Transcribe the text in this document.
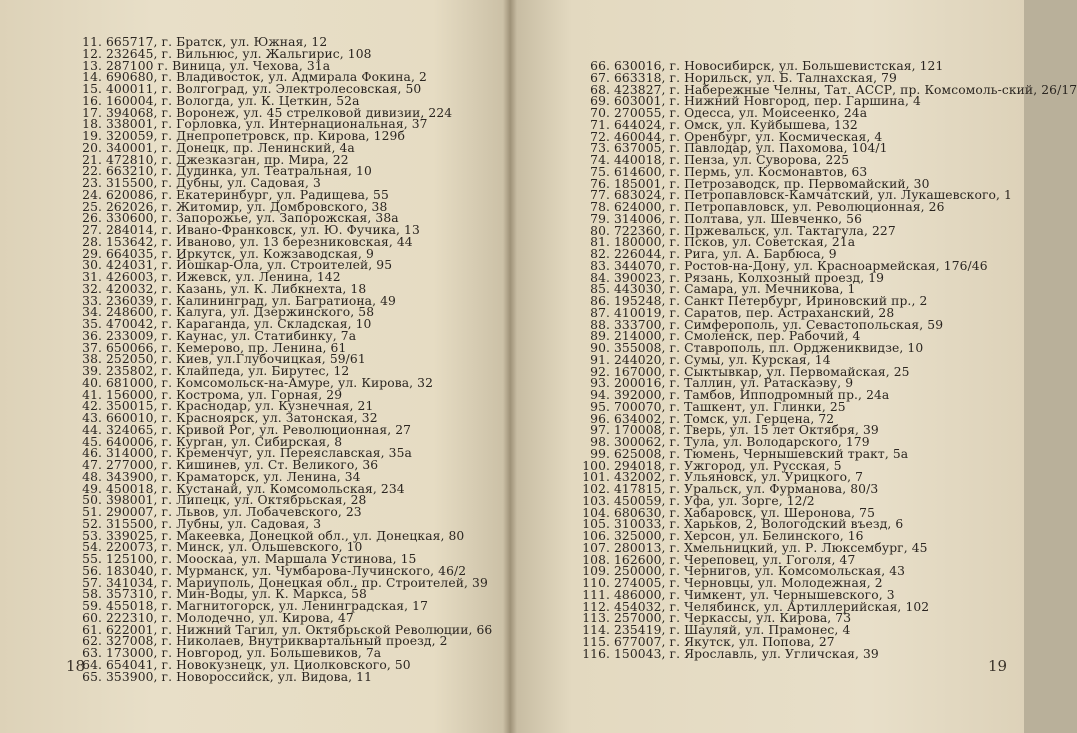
11. 665717, г. Братск, ул. Южная, 12
12. 232645, г. Вильнюс, ул. Жальгирис, 108
13. 287100 г. Виница, ул. Чехова, 31а
14. 690680, г. Владивосток, ул. Адмирала Фокина, 2
15. 400011, г. Волгоград, ул. Электролесовская, 50
16. 160004, г. Вологда, ул. К. Цеткин, 52а
17. 394068, г. Воронеж, ул. 45 стрелковой дивизии, 224
18. 338001, г. Горловка, ул. Интернациональная, 37
19. 320059, г. Днепропетровск, пр. Кирова, 129б
20. 340001, г. Донецк, пр. Ленинский, 4а
21. 472810, г. Джезказган, пр. Мира, 22
22. 663210, г. Дудинка, ул. Театральная, 10
23. 315500, г. Дубны, ул. Садовая, 3
24. 620086, г. Екатеринбург, ул. Радищева, 55
25. 262026, г. Житомир, ул. Домбровского, 38
26. 330600, г. Запорожье, ул. Запорожская, 38а
27. 284014, г. Ивано-Франковск, ул. Ю. Фучика, 13
28. 153642, г. Иваново, ул. 13 березниковская, 44
29. 664035, г. Иркутск, ул. Кожзаводская, 9
30. 424031, г. Йошкар-Ола, ул. Строителей, 95
31. 426003, г. Ижевск, ул. Ленина, 142
32. 420032, г. Казань, ул. К. Либкнехта, 18
33. 236039, г. Калининград, ул. Багратиона, 49
34. 248600, г. Калуга, ул. Дзержинского, 58
35. 470042, г. Караганда, ул. Складская, 10
36. 233009, г. Каунас, ул. Статибинку, 7а
37. 650066, г. Кемерово, пр. Ленина, 61
38. 252050, г. Киев, ул.Глубочицкая, 59/61
39. 235802, г. Клайпеда, ул. Бирутес, 12
40. 681000, г. Комсомольск-на-Амуре, ул. Кирова, 32
41. 156000, г. Кострома, ул. Горная, 29
42. 350015, г. Краснодар, ул. Кузнечная, 21
43. 660010, г. Красноярск, ул. Затонская, 32
44. 324065, г. Кривой Рог, ул. Революционная, 27
45. 640006, г. Курган, ул. Сибирская, 8
46. 314000, г. Кременчуг, ул. Переяславская, 35а
47. 277000, г. Кишинев, ул. Ст. Великого, 36
48. 343900, г. Краматорск, ул. Ленина, 34
49. 450018, г. Кустанай, ул. Комсомольская, 234
50. 398001, г. Липецк, ул. Октябрьская, 28
51. 290007, г. Львов, ул. Лобачевского, 23
52. 315500, г. Лубны, ул. Садовая, 3
53. 339025, г. Макеевка, Донецкой обл., ул. Донецкая, 80
54. 220073, г. Минск, ул. Ольшевского, 10
55. 125100, г. Мооскаа, ул. Маршала Устинова, 15
56. 183040, г. Мурманск, ул. Чумбарова-Лучинского, 46/2
57. 341034, г. Мариуполь, Донецкая обл., пр. Строителей, 39
58. 357310, г. Мин-Воды, ул. К. Маркса, 58
59. 455018, г. Магнитогорск, ул. Ленинградская, 17
60. 222310, г. Молодечно, ул. Кирова, 47
61. 622001, г. Нижний Тагил, ул. Октябрьской Революции, 66
62. 327008, г. Николаев, Внутриквартальный проезд, 2
63. 173000, г. Новгород, ул. Большевиков, 7а
64. 654041, г. Новокузнецк, ул. Циолковского, 50
65. 353900, г. Новороссийск, ул. Видова, 11
18
66. 630016, г. Новосибирск, ул. Большевистская, 121
67. 663318, г. Норильск, ул. Б. Талнахская, 79
68. 423827, г. Набережные Челны, Тат. АССР, пр. Комсомоль-ский, 26/17
69. 603001, г. Нижний Новгород, пер. Гаршина, 4
70. 270055, г. Одесса, ул. Моисеенко, 24а
71. 644024, г. Омск, ул. Куйбышева, 132
72. 460044, г. Оренбург, ул. Космическая, 4
73. 637005, г. Павлодар, ул. Пахомова, 104/1
74. 440018, г. Пенза, ул. Суворова, 225
75. 614600, г. Пермь, ул. Космонавтов, 63
76. 185001, г. Петрозаводск, пр. Первомайский, 30
77. 683024, г. Петропавловск-Камчатский, ул. Лукашевского, 1
78. 624000, г. Петропавловск, ул. Революционная, 26
79. 314006, г. Полтава, ул. Шевченко, 56
80. 722360, г. Пржевальск, ул. Тактагула, 227
81. 180000, г. Псков, ул. Советская, 21а
82. 226044, г. Рига, ул. А. Барбюса, 9
83. 344070, г. Ростов-на-Дону, ул. Красноармейская, 176/46
84. 390023, г. Рязань, Колхозный проезд, 19
85. 443030, г. Самара, ул. Мечникова, 1
86. 195248, г. Санкт Петербург, Ириновский пр., 2
87. 410019, г. Саратов, пер. Астраханский, 28
88. 333700, г. Симферополь, ул. Севастопольская, 59
89. 214000, г. Смоленск, пер. Рабочий, 4
90. 355008, г. Ставрополь, пл. Орджениквидзе, 10
91. 244020, г. Сумы, ул. Курская, 14
92. 167000, г. Сыктывкар, ул. Первомайская, 25
93. 200016, г. Таллин, ул. Ратаскаэву, 9
94. 392000, г. Тамбов, Ипподромный пр., 24а
95. 700070, г. Ташкент, ул. Глинки, 25
96. 634002, г. Томск, ул. Герцена, 72
97. 170008, г. Тверь, ул. 15 лет Октября, 39
98. 300062, г. Тула, ул. Володарского, 179
99. 625008, г. Тюмень, Чернышевский тракт, 5а
100. 294018, г. Ужгород, ул. Русская, 5
101. 432002, г. Ульяновск, ул. Урицкого, 7
102. 417815, г. Уральск, ул. Фурманова, 80/3
103. 450059, г. Уфа, ул. Зорге, 12/2
104. 680630, г. Хабаровск, ул. Шеронова, 75
105. 310033, г. Харьков, 2, Вологодский въезд, 6
106. 325000, г. Херсон, ул. Белинского, 16
107. 280013, г. Хмельницкий, ул. Р. Люксембург, 45
108. 162600, г. Череповец, ул. Гоголя, 47
109. 250000, г. Чернигов, ул. Комсомольская, 43
110. 274005, г. Черновцы, ул. Молодежная, 2
111. 486000, г. Чимкент, ул. Чернышевского, 3
112. 454032, г. Челябинск, ул. Артиллерийская, 102
113. 257000, г. Черкассы, ул. Кирова, 73
114. 235419, г. Шауляй, ул. Прамонес, 4
115. 677007, г. Якутск, ул. Попова, 27
116. 150043, г. Ярославль, ул. Угличская, 39
19
